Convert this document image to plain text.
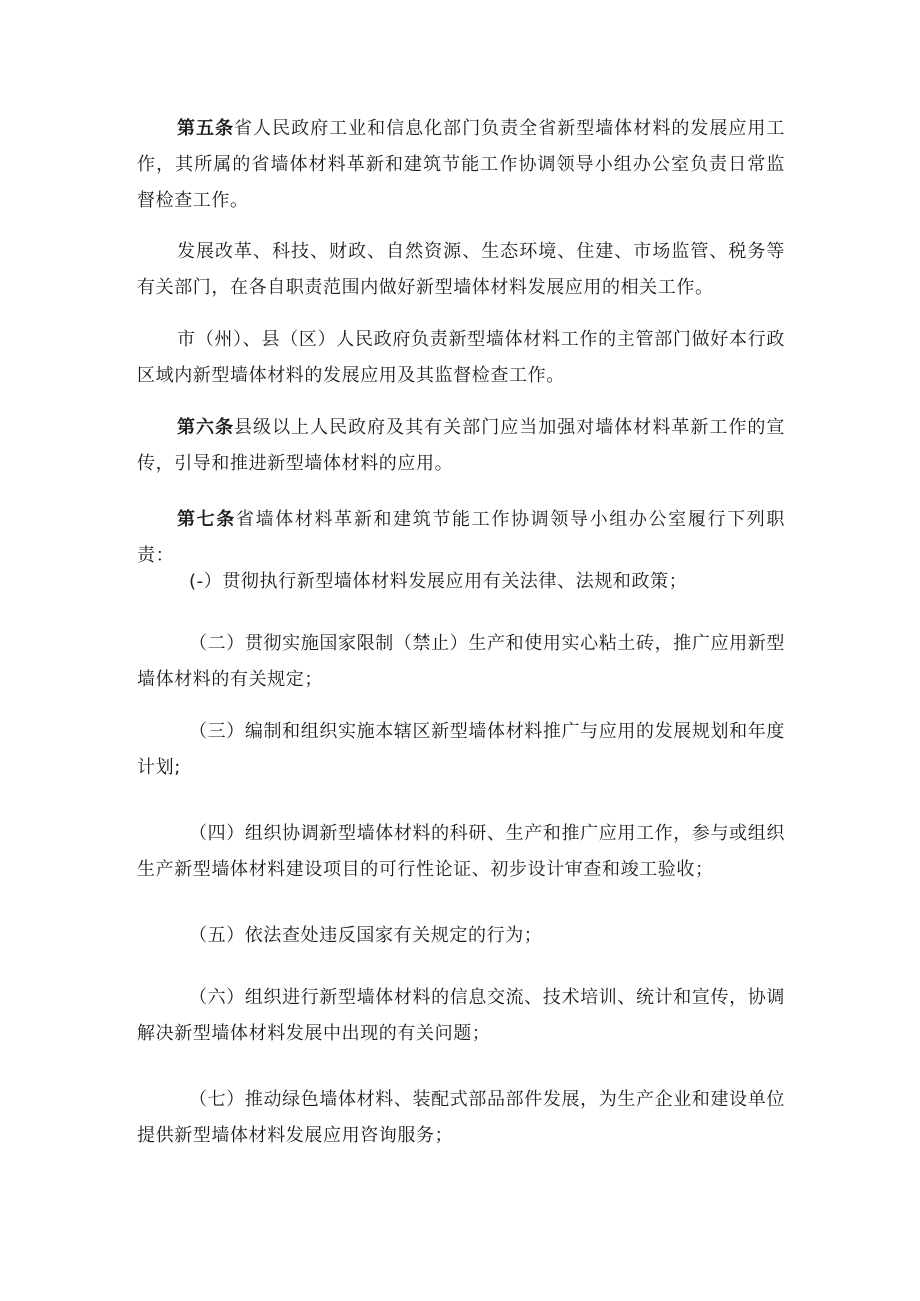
第五条省人民政府工业和信息化部门负责全省新型墙体材料的发展应用工作，其所属的省墙体材料革新和建筑节能工作协调领导小组办公室负责日常监督检查工作。

发展改革、科技、财政、自然资源、生态环境、住建、市场监管、税务等有关部门，在各自职责范围内做好新型墙体材料发展应用的相关工作。

市（州）、县（区）人民政府负责新型墙体材料工作的主管部门做好本行政区域内新型墙体材料的发展应用及其监督检查工作。

第六条县级以上人民政府及其有关部门应当加强对墙体材料革新工作的宣传，引导和推进新型墙体材料的应用。

第七条省墙体材料革新和建筑节能工作协调领导小组办公室履行下列职责：

(-）贯彻执行新型墙体材料发展应用有关法律、法规和政策；

（二）贯彻实施国家限制（禁止）生产和使用实心粘土砖，推广应用新型墙体材料的有关规定；

（三）编制和组织实施本辖区新型墙体材料推广与应用的发展规划和年度计划;

（四）组织协调新型墙体材料的科研、生产和推广应用工作，参与或组织生产新型墙体材料建设项目的可行性论证、初步设计审查和竣工验收；

（五）依法查处违反国家有关规定的行为；

（六）组织进行新型墙体材料的信息交流、技术培训、统计和宣传，协调解决新型墙体材料发展中出现的有关问题；

（七）推动绿色墙体材料、装配式部品部件发展，为生产企业和建设单位提供新型墙体材料发展应用咨询服务；
